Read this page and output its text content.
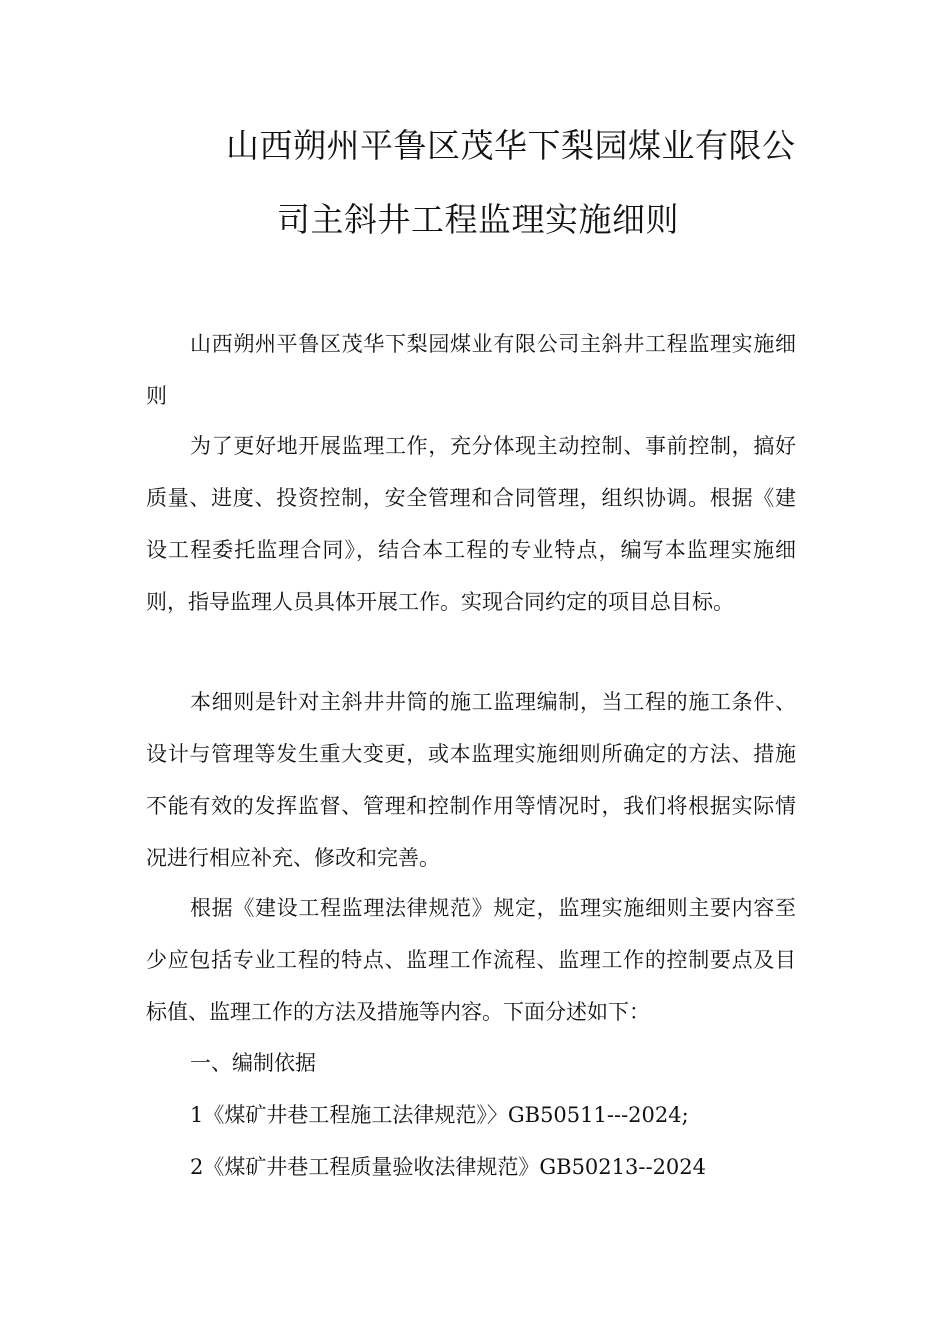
山西朔州平鲁区茂华下梨园煤业有限公
司主斜井工程监理实施细则

山西朔州平鲁区茂华下梨园煤业有限公司主斜井工程监理实施细则

为了更好地开展监理工作，充分体现主动控制、事前控制，搞好质量、进度、投资控制，安全管理和合同管理，组织协调。根据《建设工程委托监理合同》，结合本工程的专业特点，编写本监理实施细则，指导监理人员具体开展工作。实现合同约定的项目总目标。

本细则是针对主斜井井筒的施工监理编制，当工程的施工条件、设计与管理等发生重大变更，或本监理实施细则所确定的方法、措施不能有效的发挥监督、管理和控制作用等情况时，我们将根据实际情况进行相应补充、修改和完善。

根据《建设工程监理法律规范》规定，监理实施细则主要内容至少应包括专业工程的特点、监理工作流程、监理工作的控制要点及目标值、监理工作的方法及措施等内容。下面分述如下：

一、编制依据

1《煤矿井巷工程施工法律规范》〉GB50511---2024;

2《煤矿井巷工程质量验收法律规范》GB50213--2024
